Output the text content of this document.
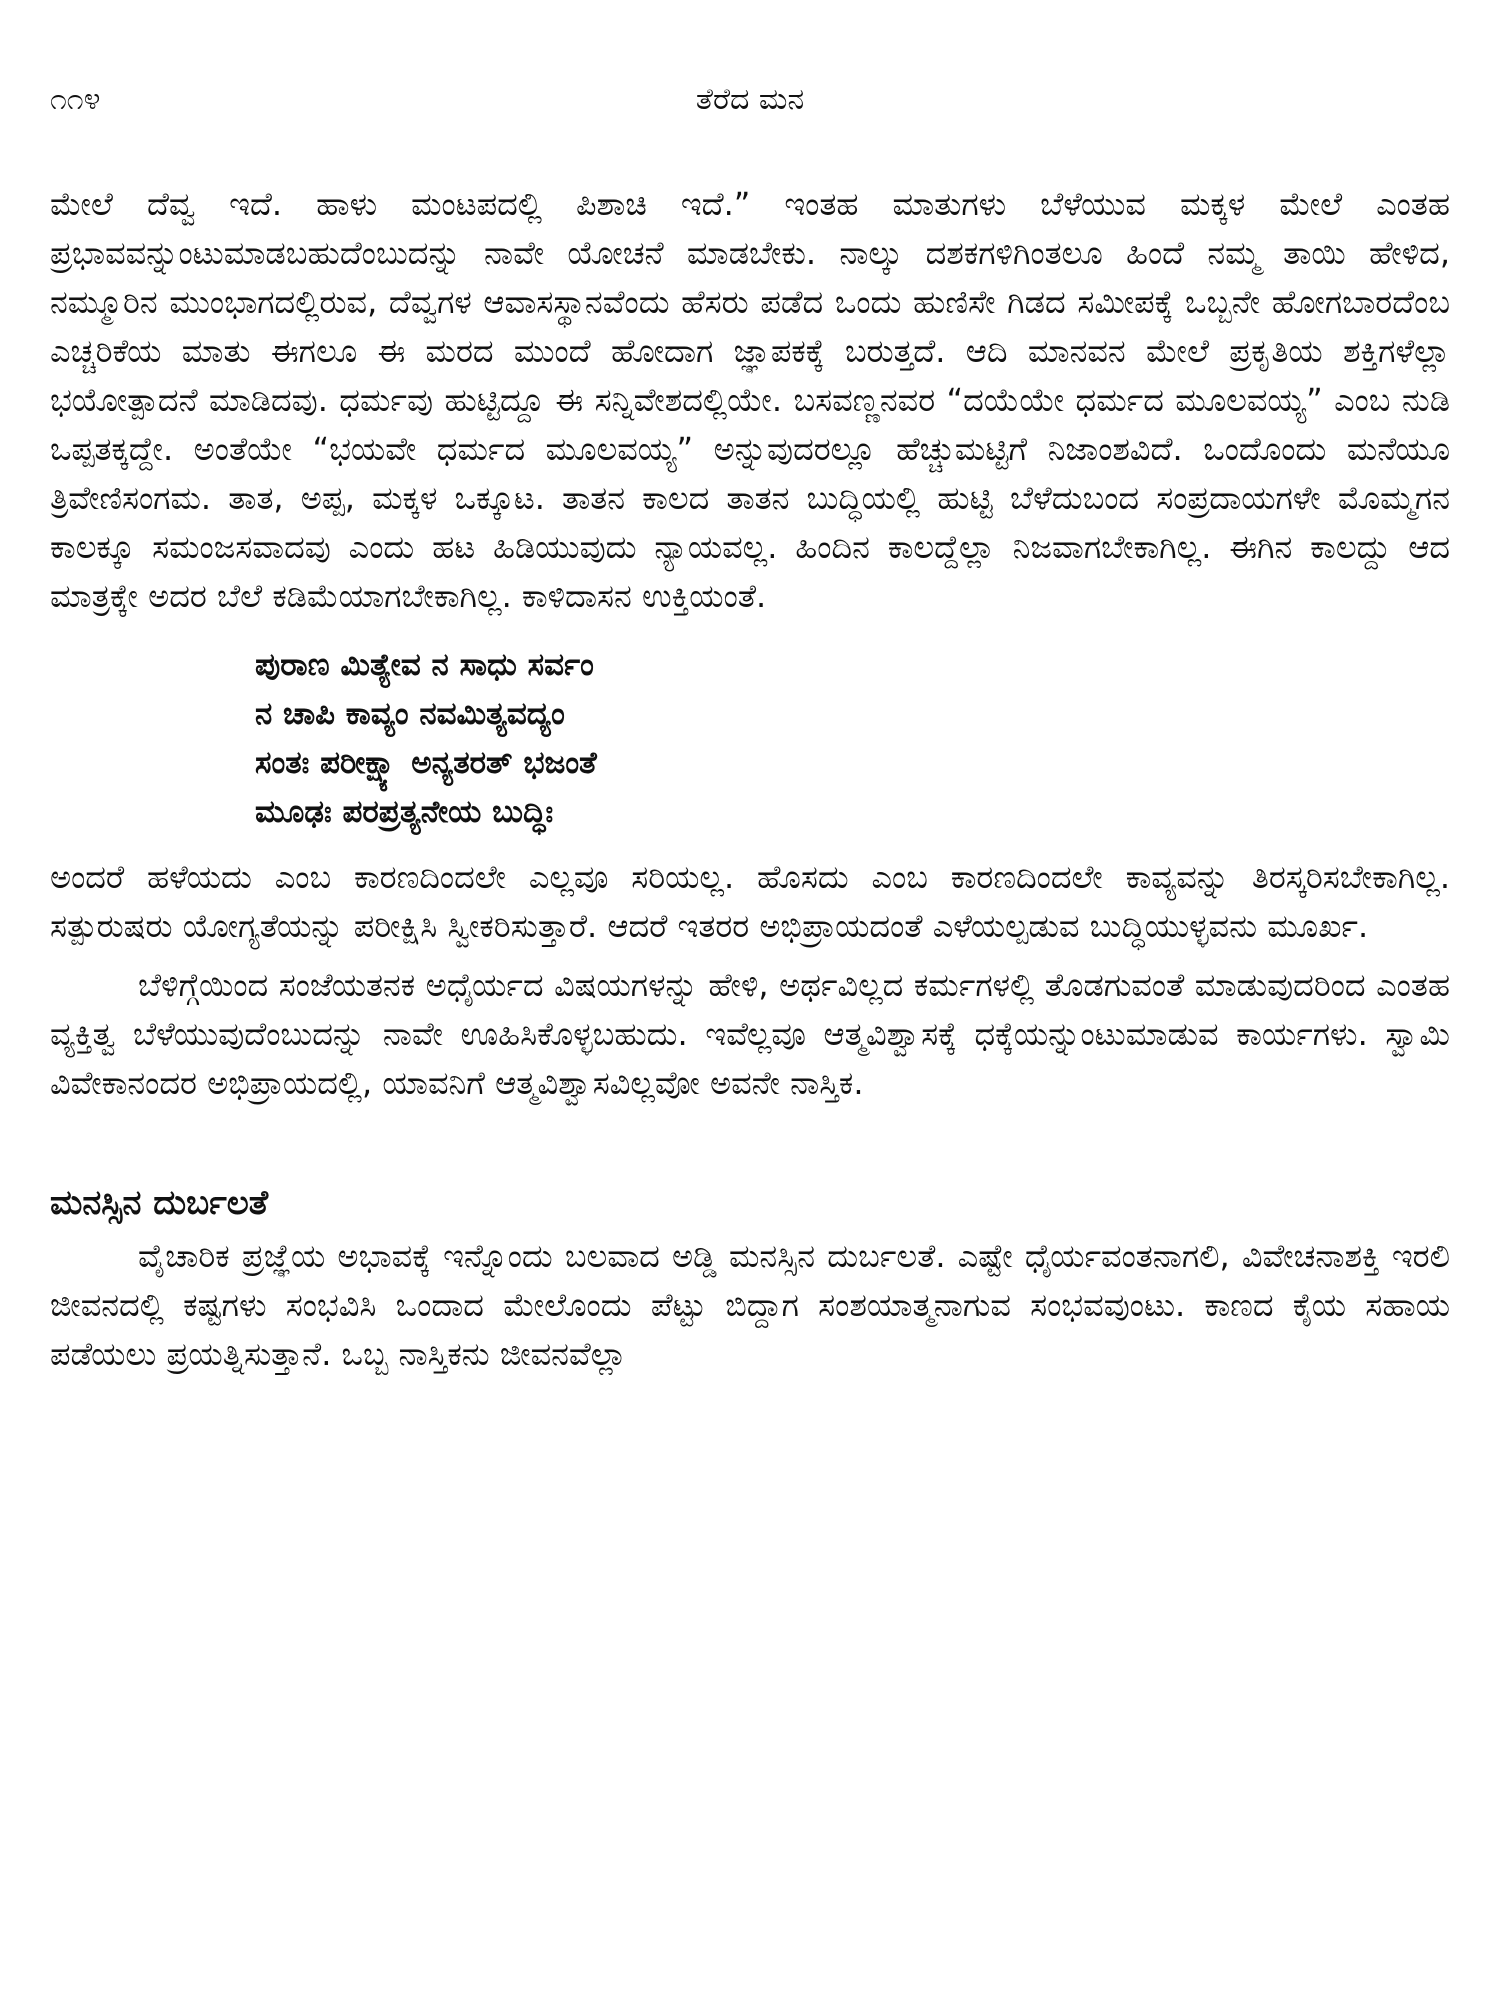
೧೧೪	ತೆರೆದ ಮನ

ಮೇಲೆ ದೆವ್ವ ಇದೆ. ಹಾಳು ಮಂಟಪದಲ್ಲಿ ಪಿಶಾಚಿ ಇದೆ.” ಇಂತಹ ಮಾತುಗಳು ಬೆಳೆಯುವ ಮಕ್ಕಳ ಮೇಲೆ ಎಂತಹ ಪ್ರಭಾವವನ್ನುಂಟುಮಾಡಬಹುದೆಂಬುದನ್ನು ನಾವೇ ಯೋಚನೆ ಮಾಡಬೇಕು. ನಾಲ್ಕು ದಶಕಗಳಿಗಿಂತಲೂ ಹಿಂದೆ ನಮ್ಮ ತಾಯಿ ಹೇಳಿದ, ನಮ್ಮೂರಿನ ಮುಂಭಾಗದಲ್ಲಿರುವ, ದೆವ್ವಗಳ ಆವಾಸಸ್ಥಾನವೆಂದು ಹೆಸರು ಪಡೆದ ಒಂದು ಹುಣಿಸೇ ಗಿಡದ ಸಮೀಪಕ್ಕೆ ಒಬ್ಬನೇ ಹೋಗಬಾರದೆಂಬ ಎಚ್ಚರಿಕೆಯ ಮಾತು ಈಗಲೂ ಈ ಮರದ ಮುಂದೆ ಹೋದಾಗ ಜ್ಞಾಪಕಕ್ಕೆ ಬರುತ್ತದೆ. ಆದಿ ಮಾನವನ ಮೇಲೆ ಪ್ರಕೃತಿಯ ಶಕ್ತಿಗಳೆಲ್ಲಾ ಭಯೋತ್ಪಾದನೆ ಮಾಡಿದವು. ಧರ್ಮವು ಹುಟ್ಟಿದ್ದೂ ಈ ಸನ್ನಿವೇಶದಲ್ಲಿಯೇ. ಬಸವಣ್ಣನವರ “ದಯೆಯೇ ಧರ್ಮದ ಮೂಲವಯ್ಯ” ಎಂಬ ನುಡಿ ಒಪ್ಪತಕ್ಕದ್ದೇ. ಅಂತೆಯೇ “ಭಯವೇ ಧರ್ಮದ ಮೂಲವಯ್ಯ” ಅನ್ನುವುದರಲ್ಲೂ ಹೆಚ್ಚುಮಟ್ಟಿಗೆ ನಿಜಾಂಶವಿದೆ. ಒಂದೊಂದು ಮನೆಯೂ ತ್ರಿವೇಣಿಸಂಗಮ. ತಾತ, ಅಪ್ಪ, ಮಕ್ಕಳ ಒಕ್ಕೂಟ. ತಾತನ ಕಾಲದ ತಾತನ ಬುದ್ಧಿಯಲ್ಲಿ ಹುಟ್ಟಿ ಬೆಳೆದುಬಂದ ಸಂಪ್ರದಾಯಗಳೇ ಮೊಮ್ಮಗನ ಕಾಲಕ್ಕೂ ಸಮಂಜಸವಾದವು ಎಂದು ಹಟ ಹಿಡಿಯುವುದು ನ್ಯಾಯವಲ್ಲ. ಹಿಂದಿನ ಕಾಲದ್ದೆಲ್ಲಾ ನಿಜವಾಗಬೇಕಾಗಿಲ್ಲ. ಈಗಿನ ಕಾಲದ್ದು ಆದ ಮಾತ್ರಕ್ಕೇ ಅದರ ಬೆಲೆ ಕಡಿಮೆಯಾಗಬೇಕಾಗಿಲ್ಲ. ಕಾಳಿದಾಸನ ಉಕ್ತಿಯಂತೆ.

ಪುರಾಣ ಮಿತ್ಯೇವ ನ ಸಾಧು ಸರ್ವಂ
ನ ಚಾಪಿ ಕಾವ್ಯಂ ನವಮಿತ್ಯವದ್ಯಂ
ಸಂತಃ ಪರೀಕ್ಷ್ಯಾ ಅನ್ಯತರತ್ ಭಜಂತೆ
ಮೂಢಃ ಪರಪ್ರತ್ಯನೇಯ ಬುದ್ಧಿಃ

ಅಂದರೆ ಹಳೆಯದು ಎಂಬ ಕಾರಣದಿಂದಲೇ ಎಲ್ಲವೂ ಸರಿಯಲ್ಲ. ಹೊಸದು ಎಂಬ ಕಾರಣದಿಂದಲೇ ಕಾವ್ಯವನ್ನು ತಿರಸ್ಕರಿಸಬೇಕಾಗಿಲ್ಲ. ಸತ್ಪುರುಷರು ಯೋಗ್ಯತೆಯನ್ನು ಪರೀಕ್ಷಿಸಿ ಸ್ವೀಕರಿಸುತ್ತಾರೆ. ಆದರೆ ಇತರರ ಅಭಿಪ್ರಾಯದಂತೆ ಎಳೆಯಲ್ಪಡುವ ಬುದ್ಧಿಯುಳ್ಳವನು ಮೂರ್ಖ.

ಬೆಳಿಗ್ಗೆಯಿಂದ ಸಂಜೆಯತನಕ ಅಧೈರ್ಯದ ವಿಷಯಗಳನ್ನು ಹೇಳಿ, ಅರ್ಥವಿಲ್ಲದ ಕರ್ಮಗಳಲ್ಲಿ ತೊಡಗುವಂತೆ ಮಾಡುವುದರಿಂದ ಎಂತಹ ವ್ಯಕ್ತಿತ್ವ ಬೆಳೆಯುವುದೆಂಬುದನ್ನು ನಾವೇ ಊಹಿಸಿಕೊಳ್ಳಬಹುದು. ಇವೆಲ್ಲವೂ ಆತ್ಮವಿಶ್ವಾಸಕ್ಕೆ ಧಕ್ಕೆಯನ್ನುಂಟುಮಾಡುವ ಕಾರ್ಯಗಳು. ಸ್ವಾಮಿ ವಿವೇಕಾನಂದರ ಅಭಿಪ್ರಾಯದಲ್ಲಿ, ಯಾವನಿಗೆ ಆತ್ಮವಿಶ್ವಾಸವಿಲ್ಲವೋ ಅವನೇ ನಾಸ್ತಿಕ.

ಮನಸ್ಸಿನ ದುರ್ಬಲತೆ

ವೈಚಾರಿಕ ಪ್ರಜ್ಞೆಯ ಅಭಾವಕ್ಕೆ ಇನ್ನೊಂದು ಬಲವಾದ ಅಡ್ಡಿ ಮನಸ್ಸಿನ ದುರ್ಬಲತೆ. ಎಷ್ಟೇ ಧೈರ್ಯವಂತನಾಗಲಿ, ವಿವೇಚನಾಶಕ್ತಿ ಇರಲಿ ಜೀವನದಲ್ಲಿ ಕಷ್ಟಗಳು ಸಂಭವಿಸಿ ಒಂದಾದ ಮೇಲೊಂದು ಪೆಟ್ಟು ಬಿದ್ದಾಗ ಸಂಶಯಾತ್ಮನಾಗುವ ಸಂಭವವುಂಟು. ಕಾಣದ ಕೈಯ ಸಹಾಯ ಪಡೆಯಲು ಪ್ರಯತ್ನಿಸುತ್ತಾನೆ. ಒಬ್ಬ ನಾಸ್ತಿಕನು ಜೀವನವೆಲ್ಲಾ
